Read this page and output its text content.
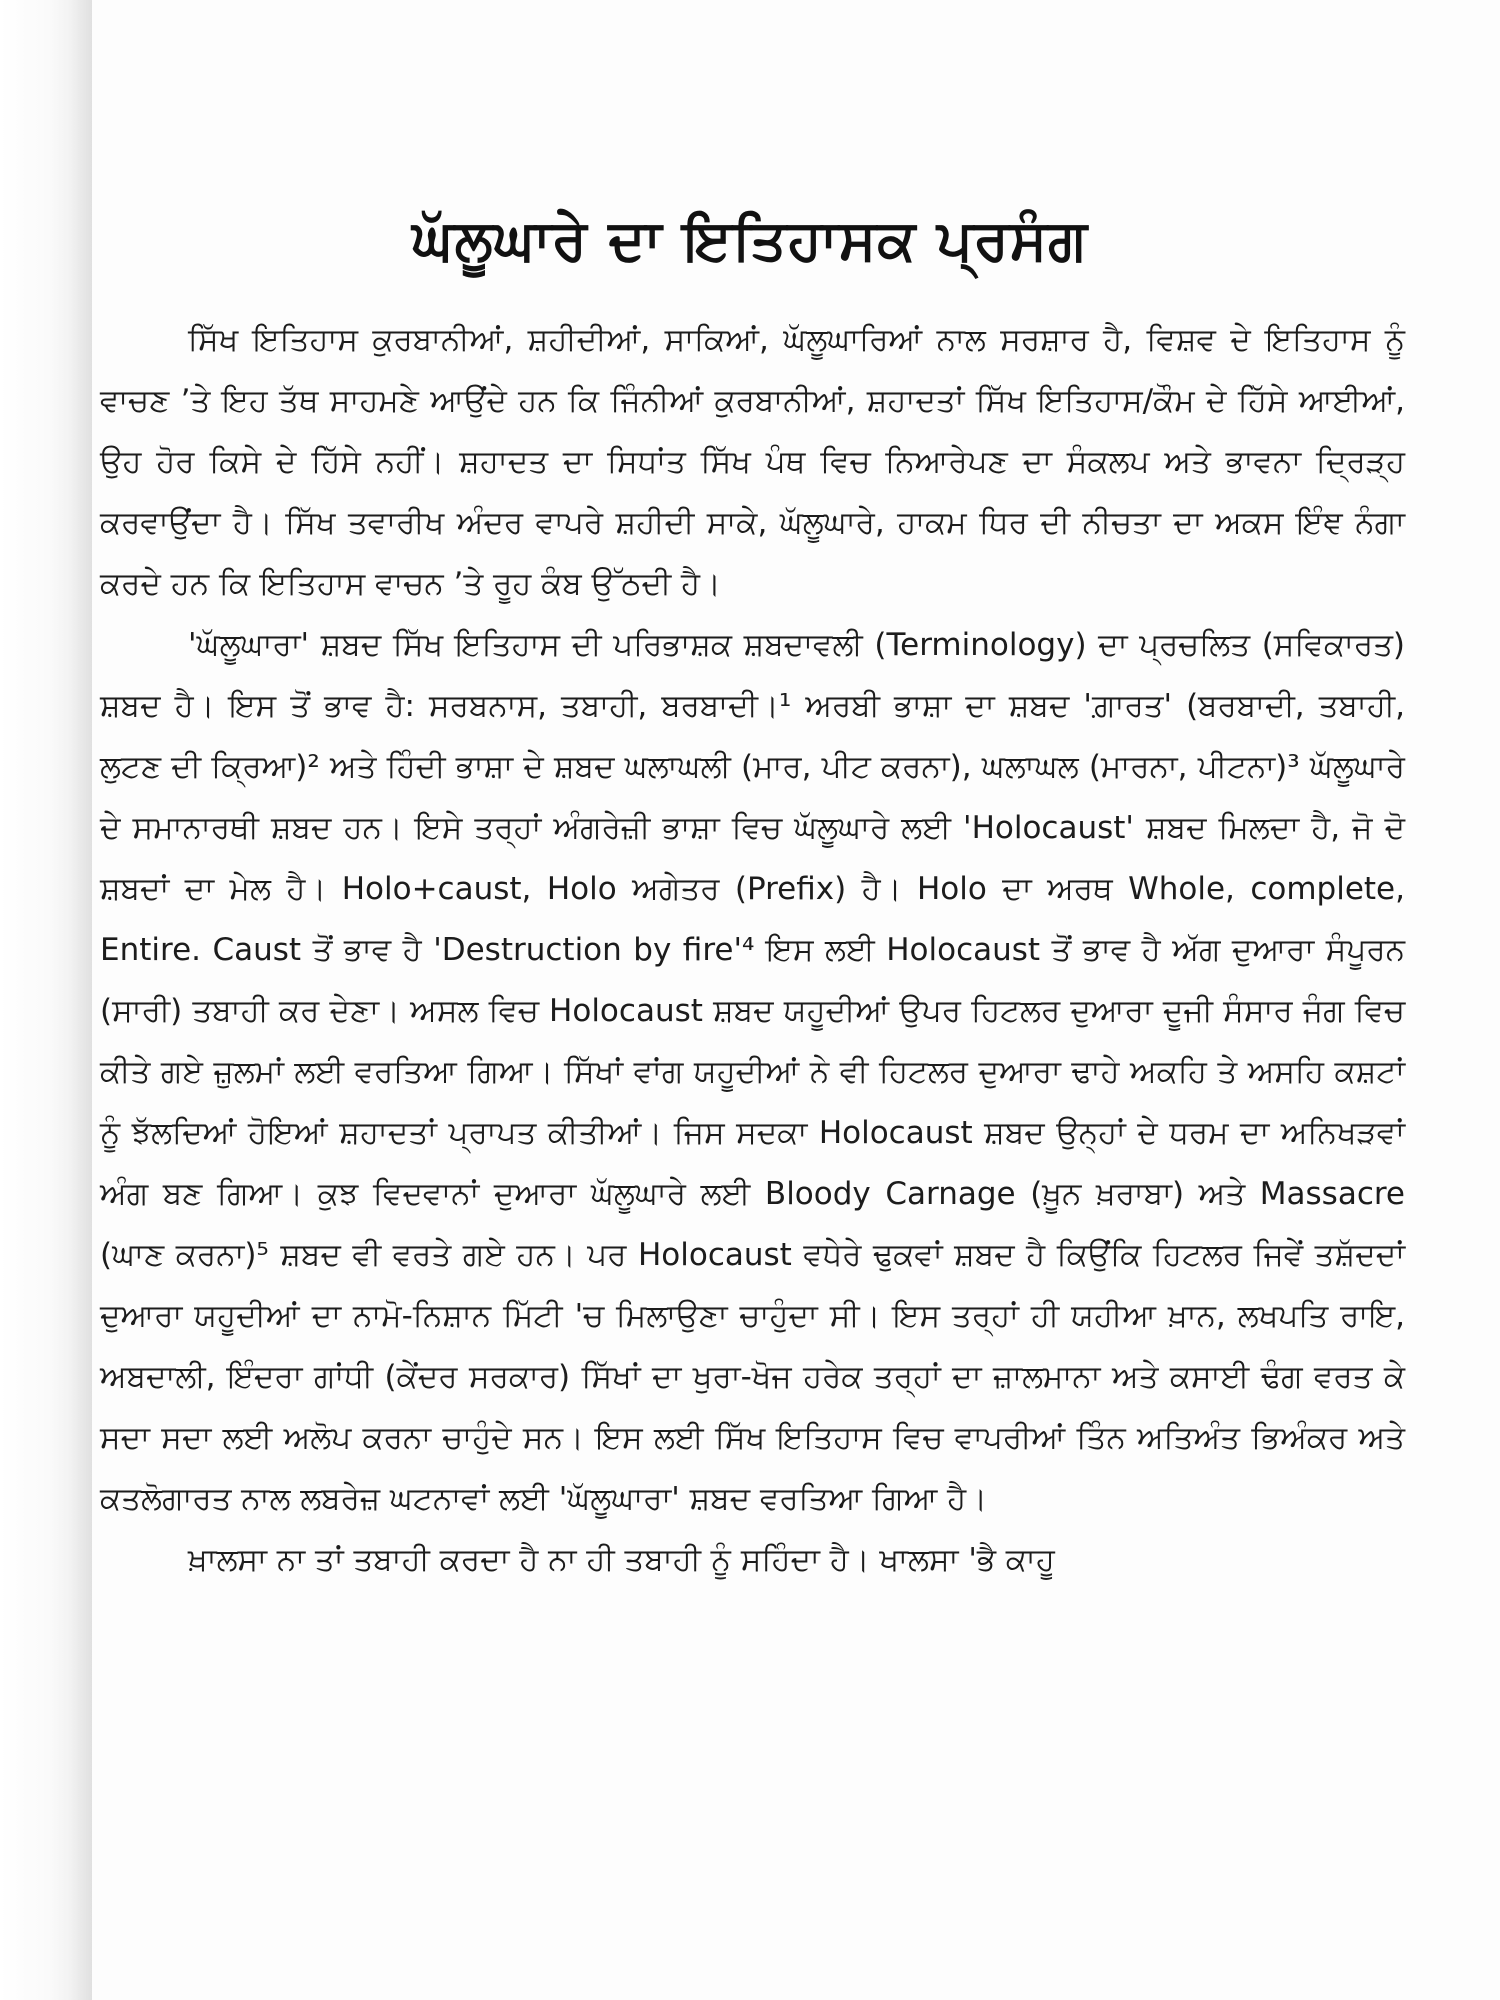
ਘੱਲੂਘਾਰੇ ਦਾ ਇਤਿਹਾਸਕ ਪ੍ਰਸੰਗ

ਸਿੱਖ ਇਤਿਹਾਸ ਕੁਰਬਾਨੀਆਂ, ਸ਼ਹੀਦੀਆਂ, ਸਾਕਿਆਂ, ਘੱਲੂਘਾਰਿਆਂ ਨਾਲ ਸਰਸ਼ਾਰ ਹੈ, ਵਿਸ਼ਵ ਦੇ ਇਤਿਹਾਸ ਨੂੰ ਵਾਚਣ ’ਤੇ ਇਹ ਤੱਥ ਸਾਹਮਣੇ ਆਉਂਦੇ ਹਨ ਕਿ ਜਿੰਨੀਆਂ ਕੁਰਬਾਨੀਆਂ, ਸ਼ਹਾਦਤਾਂ ਸਿੱਖ ਇਤਿਹਾਸ/ਕੌਮ ਦੇ ਹਿੱਸੇ ਆਈਆਂ, ਉਹ ਹੋਰ ਕਿਸੇ ਦੇ ਹਿੱਸੇ ਨਹੀਂ। ਸ਼ਹਾਦਤ ਦਾ ਸਿਧਾਂਤ ਸਿੱਖ ਪੰਥ ਵਿਚ ਨਿਆਰੇਪਣ ਦਾ ਸੰਕਲਪ ਅਤੇ ਭਾਵਨਾ ਦ੍ਰਿੜ੍ਹ ਕਰਵਾਉਂਦਾ ਹੈ। ਸਿੱਖ ਤਵਾਰੀਖ ਅੰਦਰ ਵਾਪਰੇ ਸ਼ਹੀਦੀ ਸਾਕੇ, ਘੱਲੂਘਾਰੇ, ਹਾਕਮ ਧਿਰ ਦੀ ਨੀਚਤਾ ਦਾ ਅਕਸ ਇੰਞ ਨੰਗਾ ਕਰਦੇ ਹਨ ਕਿ ਇਤਿਹਾਸ ਵਾਚਨ ’ਤੇ ਰੂਹ ਕੰਬ ਉੱਠਦੀ ਹੈ।

'ਘੱਲੂਘਾਰਾ' ਸ਼ਬਦ ਸਿੱਖ ਇਤਿਹਾਸ ਦੀ ਪਰਿਭਾਸ਼ਕ ਸ਼ਬਦਾਵਲੀ (Terminology) ਦਾ ਪ੍ਰਚਲਿਤ (ਸਵਿਕਾਰਤ) ਸ਼ਬਦ ਹੈ। ਇਸ ਤੋਂ ਭਾਵ ਹੈ: ਸਰਬਨਾਸ, ਤਬਾਹੀ, ਬਰਬਾਦੀ।¹ ਅਰਬੀ ਭਾਸ਼ਾ ਦਾ ਸ਼ਬਦ 'ਗ਼ਾਰਤ' (ਬਰਬਾਦੀ, ਤਬਾਹੀ, ਲੁਟਣ ਦੀ ਕ੍ਰਿਆ)² ਅਤੇ ਹਿੰਦੀ ਭਾਸ਼ਾ ਦੇ ਸ਼ਬਦ ਘਲਾਘਲੀ (ਮਾਰ, ਪੀਟ ਕਰਨਾ), ਘਲਾਘਲ (ਮਾਰਨਾ, ਪੀਟਨਾ)³ ਘੱਲੂਘਾਰੇ ਦੇ ਸਮਾਨਾਰਥੀ ਸ਼ਬਦ ਹਨ। ਇਸੇ ਤਰ੍ਹਾਂ ਅੰਗਰੇਜ਼ੀ ਭਾਸ਼ਾ ਵਿਚ ਘੱਲੂਘਾਰੇ ਲਈ 'Holocaust' ਸ਼ਬਦ ਮਿਲਦਾ ਹੈ, ਜੋ ਦੋ ਸ਼ਬਦਾਂ ਦਾ ਮੇਲ ਹੈ। Holo+caust, Holo ਅਗੇਤਰ (Prefix) ਹੈ। Holo ਦਾ ਅਰਥ Whole, complete, Entire. Caust ਤੋਂ ਭਾਵ ਹੈ 'Destruction by fire'⁴ ਇਸ ਲਈ Holocaust ਤੋਂ ਭਾਵ ਹੈ ਅੱਗ ਦੁਆਰਾ ਸੰਪੂਰਨ (ਸਾਰੀ) ਤਬਾਹੀ ਕਰ ਦੇਣਾ। ਅਸਲ ਵਿਚ Holocaust ਸ਼ਬਦ ਯਹੂਦੀਆਂ ਉਪਰ ਹਿਟਲਰ ਦੁਆਰਾ ਦੂਜੀ ਸੰਸਾਰ ਜੰਗ ਵਿਚ ਕੀਤੇ ਗਏ ਜ਼ੁਲਮਾਂ ਲਈ ਵਰਤਿਆ ਗਿਆ। ਸਿੱਖਾਂ ਵਾਂਗ ਯਹੂਦੀਆਂ ਨੇ ਵੀ ਹਿਟਲਰ ਦੁਆਰਾ ਢਾਹੇ ਅਕਹਿ ਤੇ ਅਸਹਿ ਕਸ਼ਟਾਂ ਨੂੰ ਝੱਲਦਿਆਂ ਹੋਇਆਂ ਸ਼ਹਾਦਤਾਂ ਪ੍ਰਾਪਤ ਕੀਤੀਆਂ। ਜਿਸ ਸਦਕਾ Holocaust ਸ਼ਬਦ ਉਨ੍ਹਾਂ ਦੇ ਧਰਮ ਦਾ ਅਨਿਖੜਵਾਂ ਅੰਗ ਬਣ ਗਿਆ। ਕੁਝ ਵਿਦਵਾਨਾਂ ਦੁਆਰਾ ਘੱਲੂਘਾਰੇ ਲਈ Bloody Carnage (ਖ਼ੂਨ ਖ਼ਰਾਬਾ) ਅਤੇ Massacre (ਘਾਣ ਕਰਨਾ)⁵ ਸ਼ਬਦ ਵੀ ਵਰਤੇ ਗਏ ਹਨ। ਪਰ Holocaust ਵਧੇਰੇ ਢੁਕਵਾਂ ਸ਼ਬਦ ਹੈ ਕਿਉਂਕਿ ਹਿਟਲਰ ਜਿਵੇਂ ਤਸ਼ੱਦਦਾਂ ਦੁਆਰਾ ਯਹੂਦੀਆਂ ਦਾ ਨਾਮੋ-ਨਿਸ਼ਾਨ ਮਿੱਟੀ 'ਚ ਮਿਲਾਉਣਾ ਚਾਹੁੰਦਾ ਸੀ। ਇਸ ਤਰ੍ਹਾਂ ਹੀ ਯਹੀਆ ਖ਼ਾਨ, ਲਖਪਤਿ ਰਾਇ, ਅਬਦਾਲੀ, ਇੰਦਰਾ ਗਾਂਧੀ (ਕੇਂਦਰ ਸਰਕਾਰ) ਸਿੱਖਾਂ ਦਾ ਖੁਰਾ-ਖੋਜ ਹਰੇਕ ਤਰ੍ਹਾਂ ਦਾ ਜ਼ਾਲਮਾਨਾ ਅਤੇ ਕਸਾਈ ਢੰਗ ਵਰਤ ਕੇ ਸਦਾ ਸਦਾ ਲਈ ਅਲੋਪ ਕਰਨਾ ਚਾਹੁੰਦੇ ਸਨ। ਇਸ ਲਈ ਸਿੱਖ ਇਤਿਹਾਸ ਵਿਚ ਵਾਪਰੀਆਂ ਤਿੰਨ ਅਤਿਅੰਤ ਭਿਅੰਕਰ ਅਤੇ ਕਤਲੋਗਾਰਤ ਨਾਲ ਲਬਰੇਜ਼ ਘਟਨਾਵਾਂ ਲਈ 'ਘੱਲੂਘਾਰਾ' ਸ਼ਬਦ ਵਰਤਿਆ ਗਿਆ ਹੈ।

ਖ਼ਾਲਸਾ ਨਾ ਤਾਂ ਤਬਾਹੀ ਕਰਦਾ ਹੈ ਨਾ ਹੀ ਤਬਾਹੀ ਨੂੰ ਸਹਿੰਦਾ ਹੈ। ਖਾਲਸਾ 'ਭੈ ਕਾਹੂ
